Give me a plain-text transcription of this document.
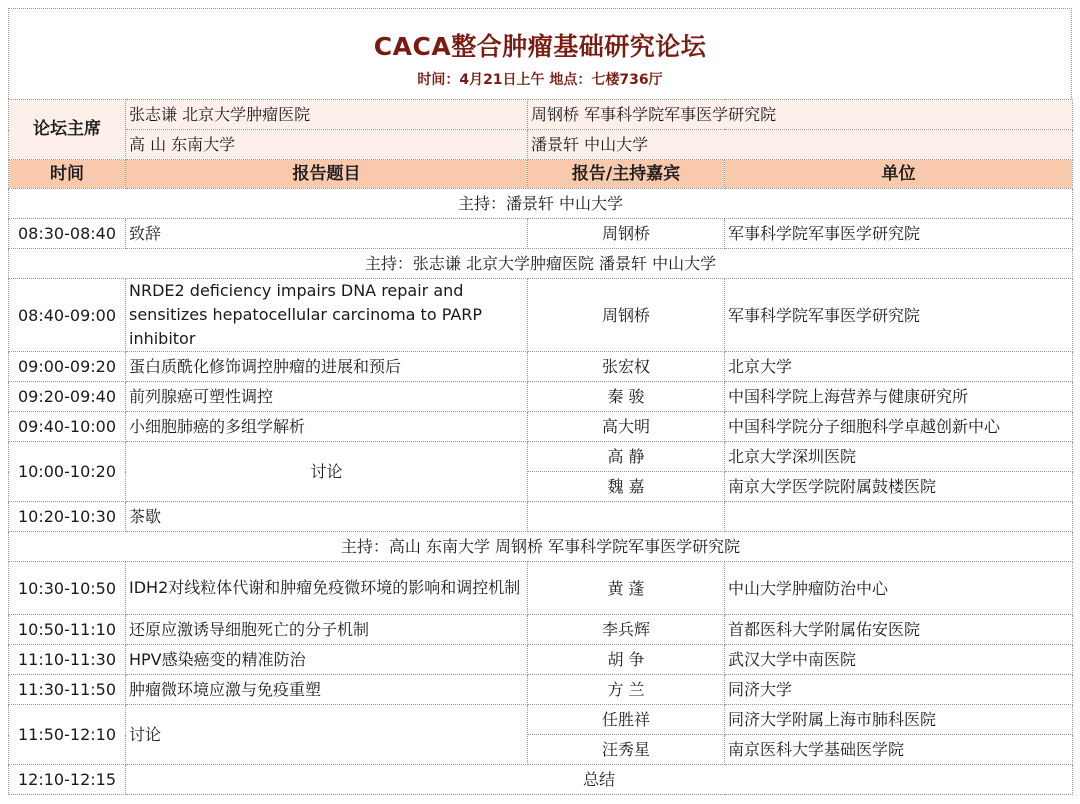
CACA整合肿瘤基础研究论坛
时间：4月21日上午 地点：七楼736厅
论坛主席	张志谦 北京大学肿瘤医院	周钢桥 军事科学院军事医学研究院	
	高 山 东南大学	潘景轩 中山大学	
时间	报告题目	报告/主持嘉宾	单位
主持：潘景轩 中山大学			
08:30-08:40	致辞	周钢桥	军事科学院军事医学研究院
主持：张志谦 北京大学肿瘤医院 潘景轩 中山大学			
08:40-09:00	NRDE2 deficiency impairs DNA repair and sensitizes hepatocellular carcinoma to PARP inhibitor	周钢桥	军事科学院军事医学研究院
09:00-09:20	蛋白质酰化修饰调控肿瘤的进展和预后	张宏权	北京大学
09:20-09:40	前列腺癌可塑性调控	秦 骏	中国科学院上海营养与健康研究所
09:40-10:00	小细胞肺癌的多组学解析	高大明	中国科学院分子细胞科学卓越创新中心
10:00-10:20	讨论	高 静	北京大学深圳医院
		魏 嘉	南京大学医学院附属鼓楼医院
10:20-10:30	茶歇		
主持：高山 东南大学 周钢桥 军事科学院军事医学研究院			
10:30-10:50	IDH2对线粒体代谢和肿瘤免疫微环境的影响和调控机制	黄 蓬	中山大学肿瘤防治中心
10:50-11:10	还原应激诱导细胞死亡的分子机制	李兵辉	首都医科大学附属佑安医院
11:10-11:30	HPV感染癌变的精准防治	胡 争	武汉大学中南医院
11:30-11:50	肿瘤微环境应激与免疫重塑	方 兰	同济大学
11:50-12:10	讨论	任胜祥	同济大学附属上海市肺科医院
		汪秀星	南京医科大学基础医学院
12:10-12:15	总结		
